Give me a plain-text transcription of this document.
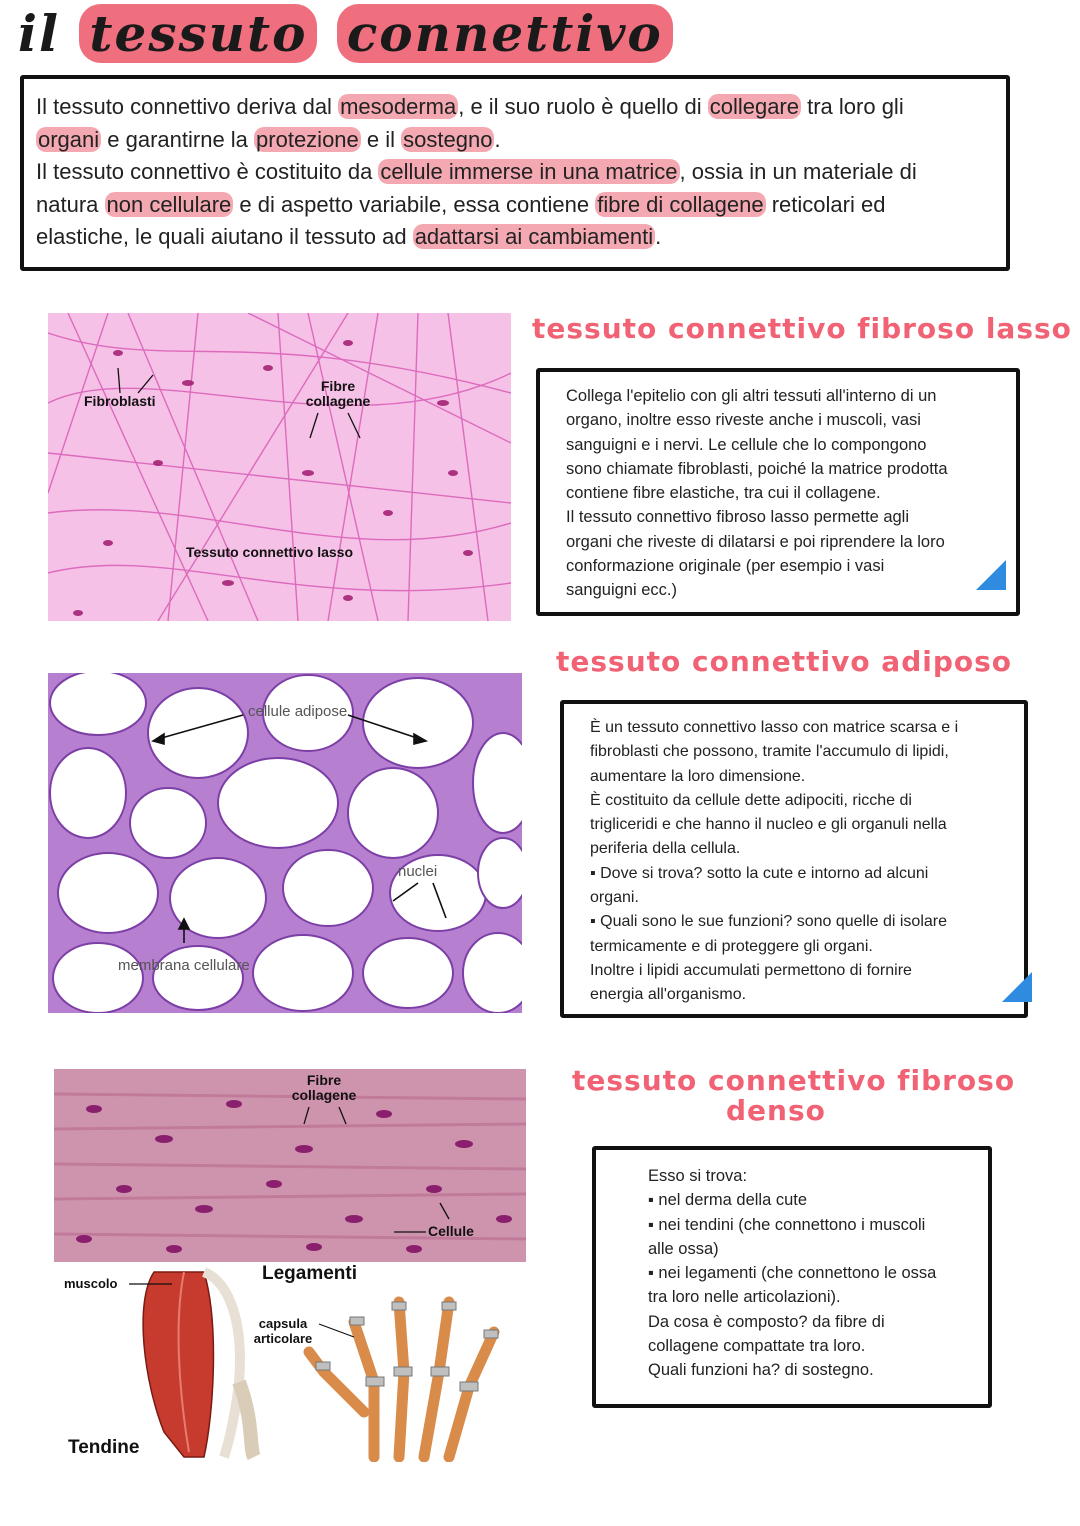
il tessuto connettivo

Il tessuto connettivo deriva dal mesoderma, e il suo ruolo è quello di collegare tra loro gli

organi e garantirne la protezione e il sostegno.

Il tessuto connettivo è costituito da cellule immerse in una matrice, ossia in un materiale di

natura non cellulare e di aspetto variabile, essa contiene fibre di collagene reticolari ed

elastiche, le quali aiutano il tessuto ad adattarsi ai cambiamenti.

Fibroblasti
Fibre
collagene
Tessuto connettivo lasso
tessuto connettivo fibroso lasso

Collega l'epitelio con gli altri tessuti all'interno di un

organo, inoltre esso riveste anche i muscoli, vasi

sanguigni e i nervi. Le cellule che lo compongono

sono chiamate fibroblasti, poiché la matrice prodotta

contiene fibre elastiche, tra cui il collagene.

Il tessuto connettivo fibroso lasso permette agli

organi che riveste di dilatarsi e poi riprendere la loro

conformazione originale (per esempio i vasi

sanguigni ecc.)

cellule adipose
nuclei
membrana cellulare
tessuto connettivo adiposo

È un tessuto connettivo lasso con matrice scarsa e i

fibroblasti che possono, tramite l'accumulo di lipidi,

aumentare la loro dimensione.

È costituito da cellule dette adipociti, ricche di

trigliceridi e che hanno il nucleo e gli organuli nella

periferia della cellula.

▪ Dove si trova? sotto la cute e intorno ad alcuni

organi.

▪ Quali sono le sue funzioni? sono quelle di isolare

termicamente e di proteggere gli organi.

Inoltre i lipidi accumulati permettono di fornire

energia all'organismo.

Fibre
collagene
Cellule
muscolo	Legamenti
capsula
articolare
Tendine
tessuto connettivo fibroso
denso

Esso si trova:

▪ nel derma della cute

▪ nei tendini (che connettono i muscoli

alle ossa)

▪ nei legamenti (che connettono le ossa

tra loro nelle articolazioni).

Da cosa è composto? da fibre di

collagene compattate tra loro.

Quali funzioni ha? di sostegno.
